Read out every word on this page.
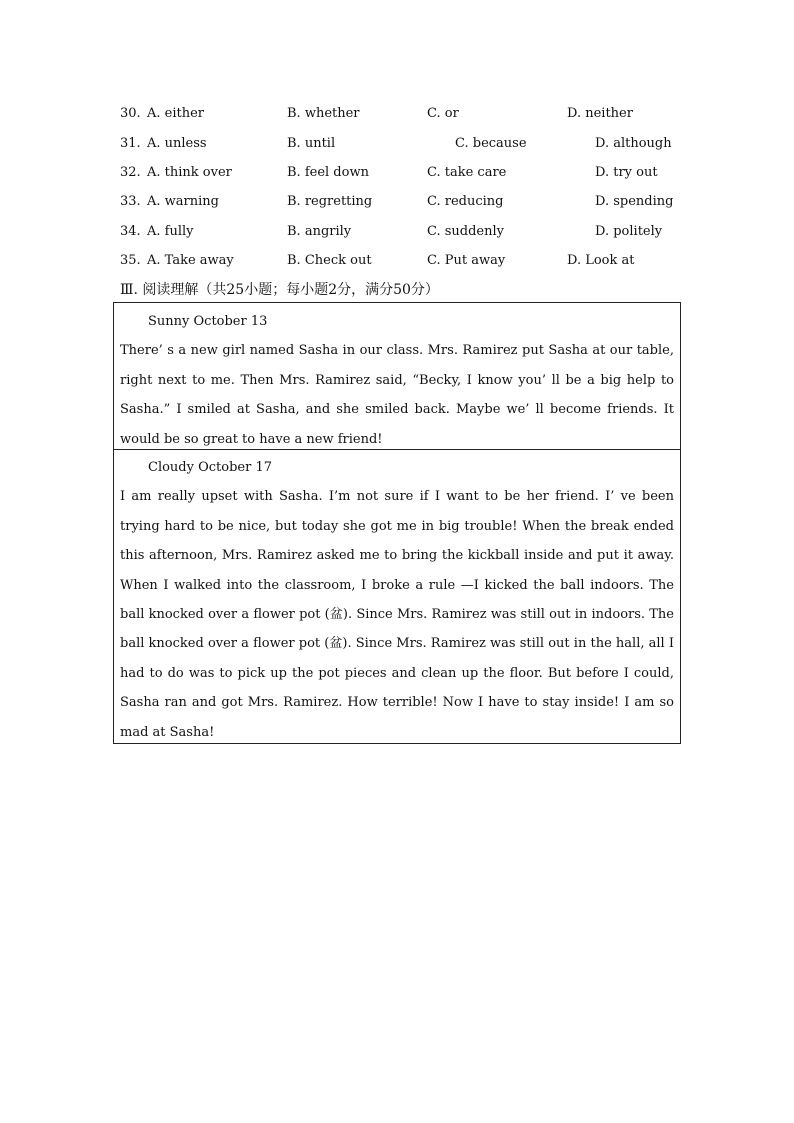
30. A. either	B. whether	C. or	D. neither
31. A. unless	B. until	C. because	D. although
32. A. think over	B. feel down	C. take care	D. try out
33. A. warning	B. regretting	C. reducing	D. spending
34. A. fully	B. angrily	C. suddenly	D. politely
35. A. Take away	B. Check out	C. Put away	D. Look at
Ⅲ. 阅读理解（共25小题；每小题2分，满分50分）
Sunny October 13
There’ s a new girl named Sasha in our class. Mrs. Ramirez put Sasha at our table, right next to me. Then Mrs. Ramirez said, “Becky, I know you’ ll be a big help to Sasha.” I smiled at Sasha, and she smiled back. Maybe we’ ll become friends. It would be so great to have a new friend!
Cloudy October 17
I am really upset with Sasha. I’m not sure if I want to be her friend. I’ ve been trying hard to be nice, but today she got me in big trouble! When the break ended this afternoon, Mrs. Ramirez asked me to bring the kickball inside and put it away. When I walked into the classroom, I broke a rule —I kicked the ball indoors. The ball knocked over a flower pot (盆). Since Mrs. Ramirez was still out in indoors. The ball knocked over a flower pot (盆). Since Mrs. Ramirez was still out in the hall, all I had to do was to pick up the pot pieces and clean up the floor. But before I could, Sasha ran and got Mrs. Ramirez. How terrible! Now I have to stay inside! I am so mad at Sasha!
